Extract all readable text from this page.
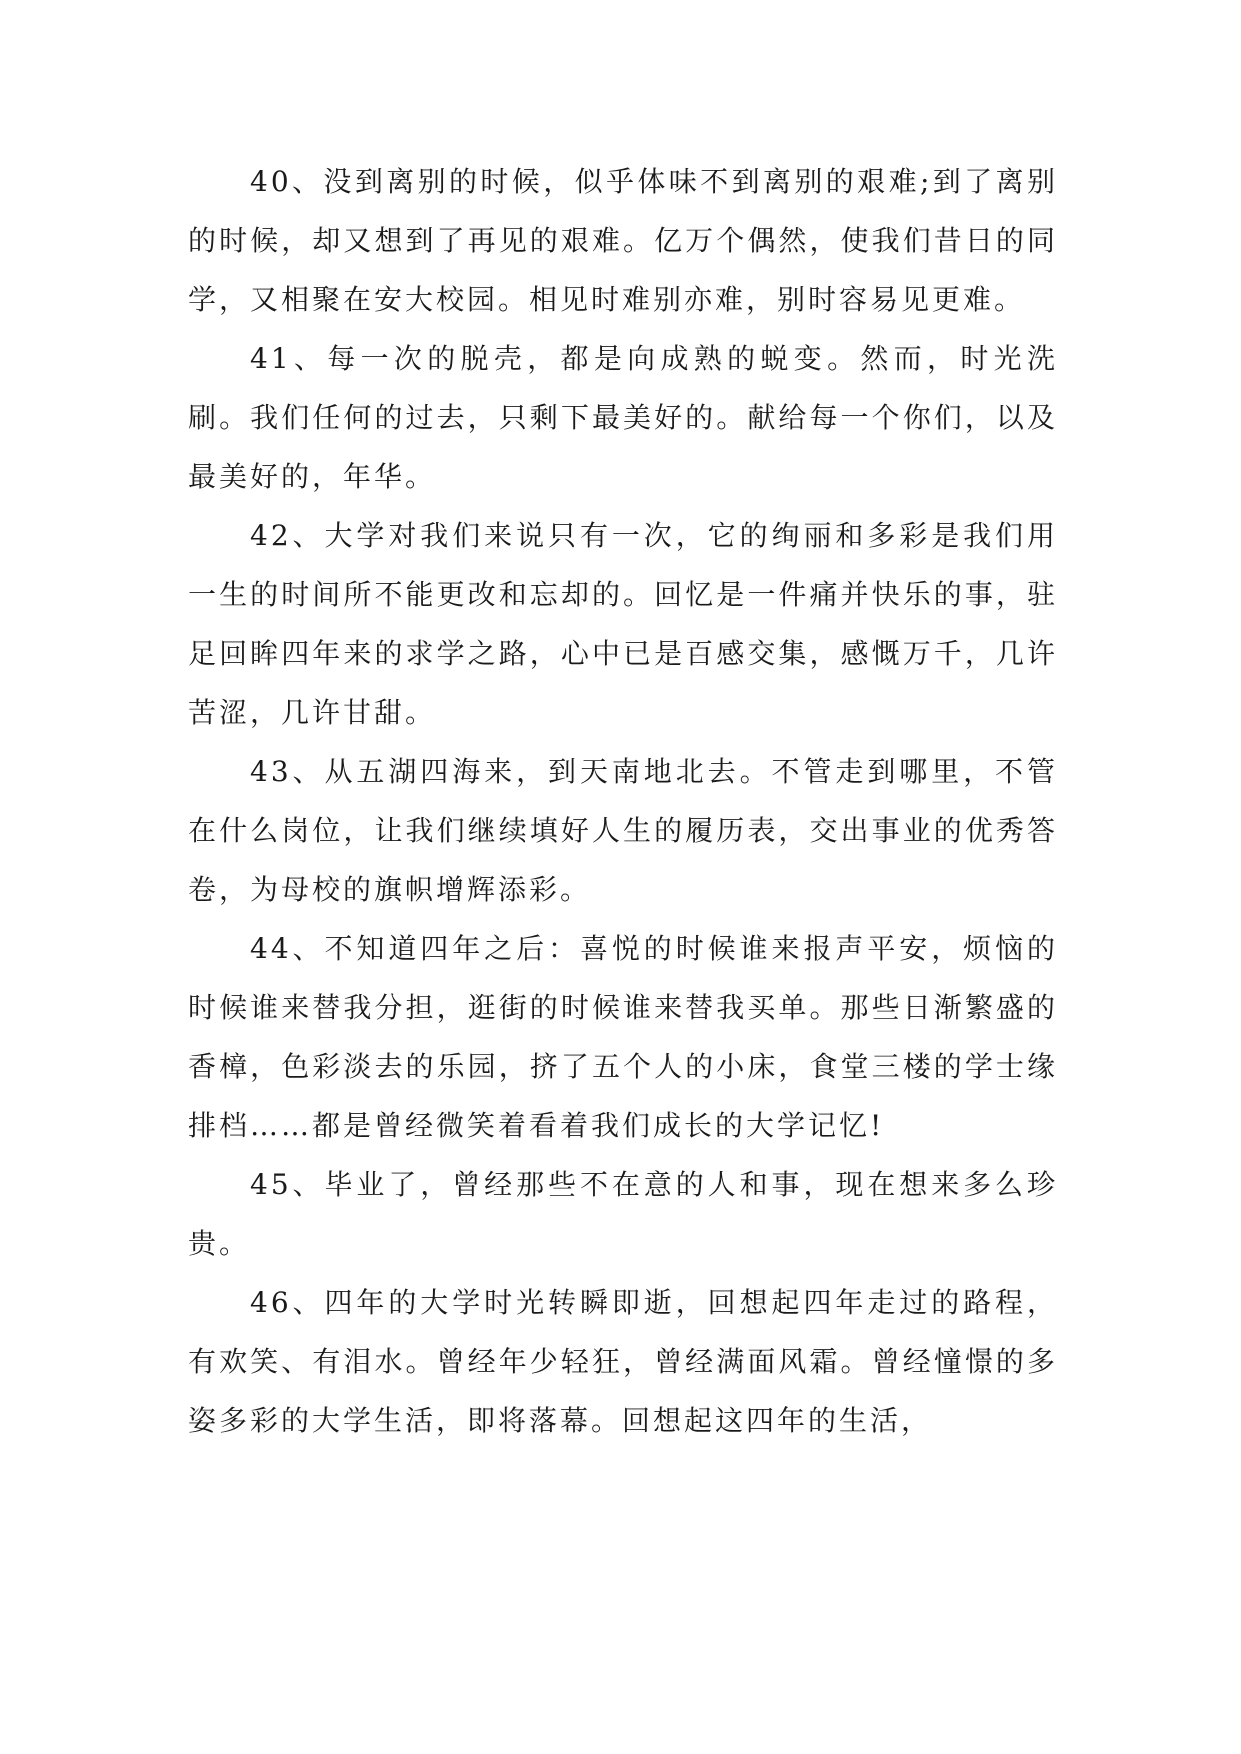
40、没到离别的时候，似乎体味不到离别的艰难;到了离别的时候，却又想到了再见的艰难。亿万个偶然，使我们昔日的同学，又相聚在安大校园。相见时难别亦难，别时容易见更难。

41、每一次的脱壳，都是向成熟的蜕变。然而，时光洗刷。我们任何的过去，只剩下最美好的。献给每一个你们，以及最美好的，年华。

42、大学对我们来说只有一次，它的绚丽和多彩是我们用一生的时间所不能更改和忘却的。回忆是一件痛并快乐的事，驻足回眸四年来的求学之路，心中已是百感交集，感慨万千，几许苦涩，几许甘甜。

43、从五湖四海来，到天南地北去。不管走到哪里，不管在什么岗位，让我们继续填好人生的履历表，交出事业的优秀答卷，为母校的旗帜增辉添彩。

44、不知道四年之后：喜悦的时候谁来报声平安，烦恼的时候谁来替我分担，逛街的时候谁来替我买单。那些日渐繁盛的香樟，色彩淡去的乐园，挤了五个人的小床，食堂三楼的学士缘排档……都是曾经微笑着看着我们成长的大学记忆!

45、毕业了，曾经那些不在意的人和事，现在想来多么珍贵。

46、四年的大学时光转瞬即逝，回想起四年走过的路程，有欢笑、有泪水。曾经年少轻狂，曾经满面风霜。曾经憧憬的多姿多彩的大学生活，即将落幕。回想起这四年的生活，
